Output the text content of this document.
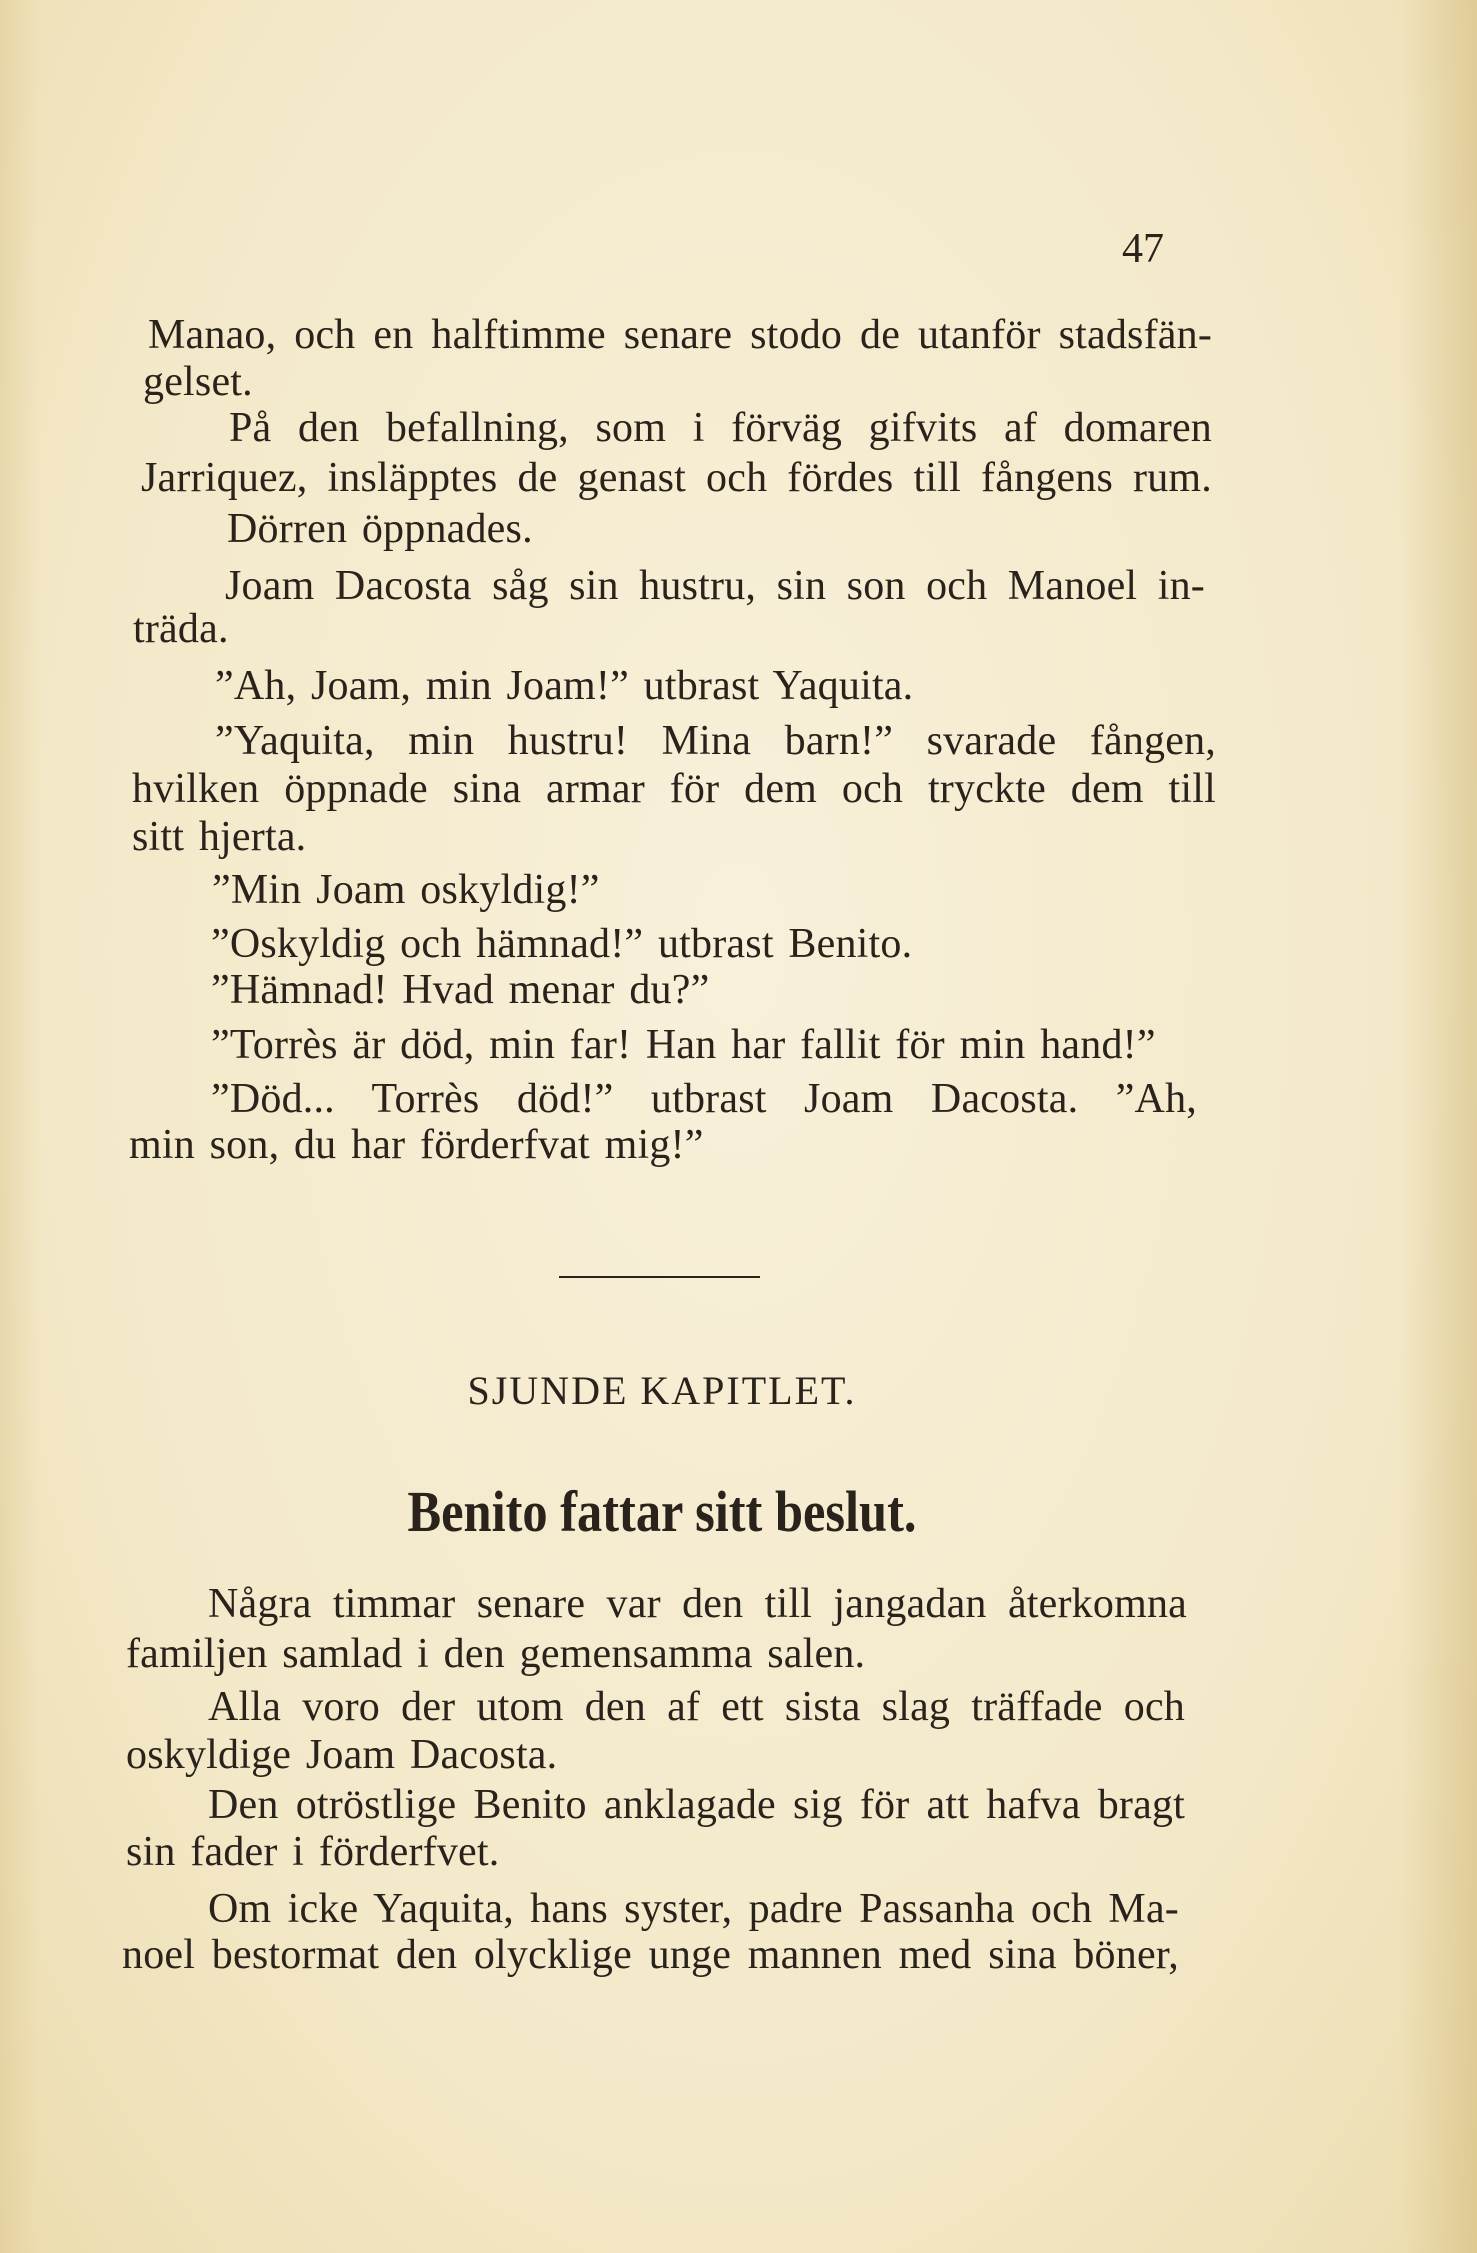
47
Manao, och en halftimme senare stodo de utanför stadsfän-
gelset.
På den befallning, som i förväg gifvits af domaren
Jarriquez, insläpptes de genast och fördes till fångens rum.
Dörren öppnades.
Joam Dacosta såg sin hustru, sin son och Manoel in-
träda.
”Ah, Joam, min Joam!” utbrast Yaquita.
”Yaquita, min hustru! Mina barn!” svarade fången,
hvilken öppnade sina armar för dem och tryckte dem till
sitt hjerta.
”Min Joam oskyldig!”
”Oskyldig och hämnad!” utbrast Benito.
”Hämnad! Hvad menar du?”
”Torrès är död, min far! Han har fallit för min hand!”
”Död... Torrès död!” utbrast Joam Dacosta. ”Ah,
min son, du har förderfvat mig!”
SJUNDE KAPITLET.
Benito fattar sitt beslut.
Några timmar senare var den till jangadan återkomna
familjen samlad i den gemensamma salen.
Alla voro der utom den af ett sista slag träffade och
oskyldige Joam Dacosta.
Den otröstlige Benito anklagade sig för att hafva bragt
sin fader i förderfvet.
Om icke Yaquita, hans syster, padre Passanha och Ma-
noel bestormat den olycklige unge mannen med sina böner,
